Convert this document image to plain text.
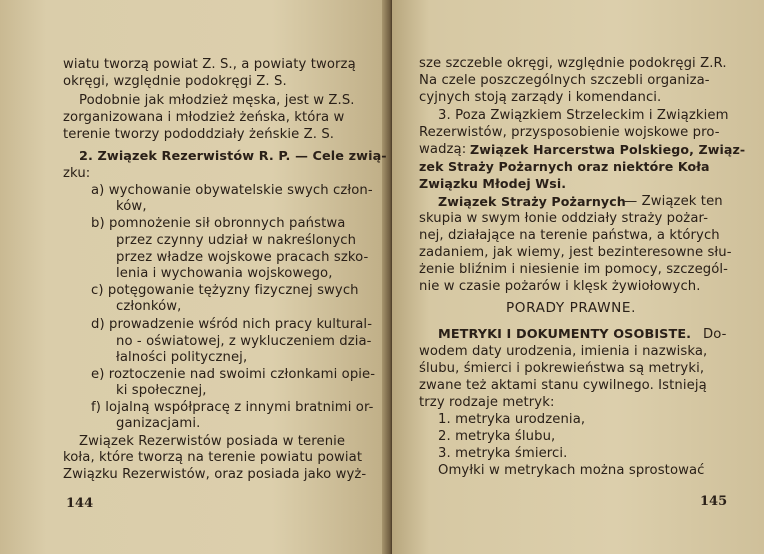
wiatu tworzą powiat Z. S., a powiaty tworzą
okręgi, względnie podokręgi Z. S.
Podobnie jak młodzież męska, jest w Z.S.
zorganizowana i młodzież żeńska, która w
terenie tworzy pododdziały żeńskie Z. S.
2. Związek Rezerwistów R. P. — Cele zwią-
zku:
a) wychowanie obywatelskie swych człon-
ków,
b) pomnożenie sił obronnych państwa
przez czynny udział w nakreślonych
przez władze wojskowe pracach szko-
lenia i wychowania wojskowego,
c) potęgowanie tężyzny fizycznej swych
członków,
d) prowadzenie wśród nich pracy kultural-
no - oświatowej, z wykluczeniem dzia-
łalności politycznej,
e) roztoczenie nad swoimi członkami opie-
ki społecznej,
f) lojalną współpracę z innymi bratnimi or-
ganizacjami.
Związek Rezerwistów posiada w terenie
koła, które tworzą na terenie powiatu powiat
Związku Rezerwistów, oraz posiada jako wyż-
144
sze szczeble okręgi, względnie podokręgi Z.R.
Na czele poszczególnych szczebli organiza-
cyjnych stoją zarządy i komendanci.
3. Poza Związkiem Strzeleckim i Związkiem
Rezerwistów, przysposobienie wojskowe pro-
wadzą: Związek Harcerstwa Polskiego, Związ-
zek Straży Pożarnych oraz niektóre Koła
Związku Młodej Wsi.
Związek Straży Pożarnych
— Związek ten
skupia w swym łonie oddziały straży pożar-
nej, działające na terenie państwa, a których
zadaniem, jak wiemy, jest bezinteresowne słu-
żenie bliźnim i niesienie im pomocy, szczegól-
nie w czasie pożarów i klęsk żywiołowych.
PORADY PRAWNE.
METRYKI I DOKUMENTY OSOBISTE. Do-
wodem daty urodzenia, imienia i nazwiska,
ślubu, śmierci i pokrewieństwa są metryki,
zwane też aktami stanu cywilnego. Istnieją
trzy rodzaje metryk:
1. metryka urodzenia,
2. metryka ślubu,
3. metryka śmierci.
Omyłki w metrykach można sprostować
145
